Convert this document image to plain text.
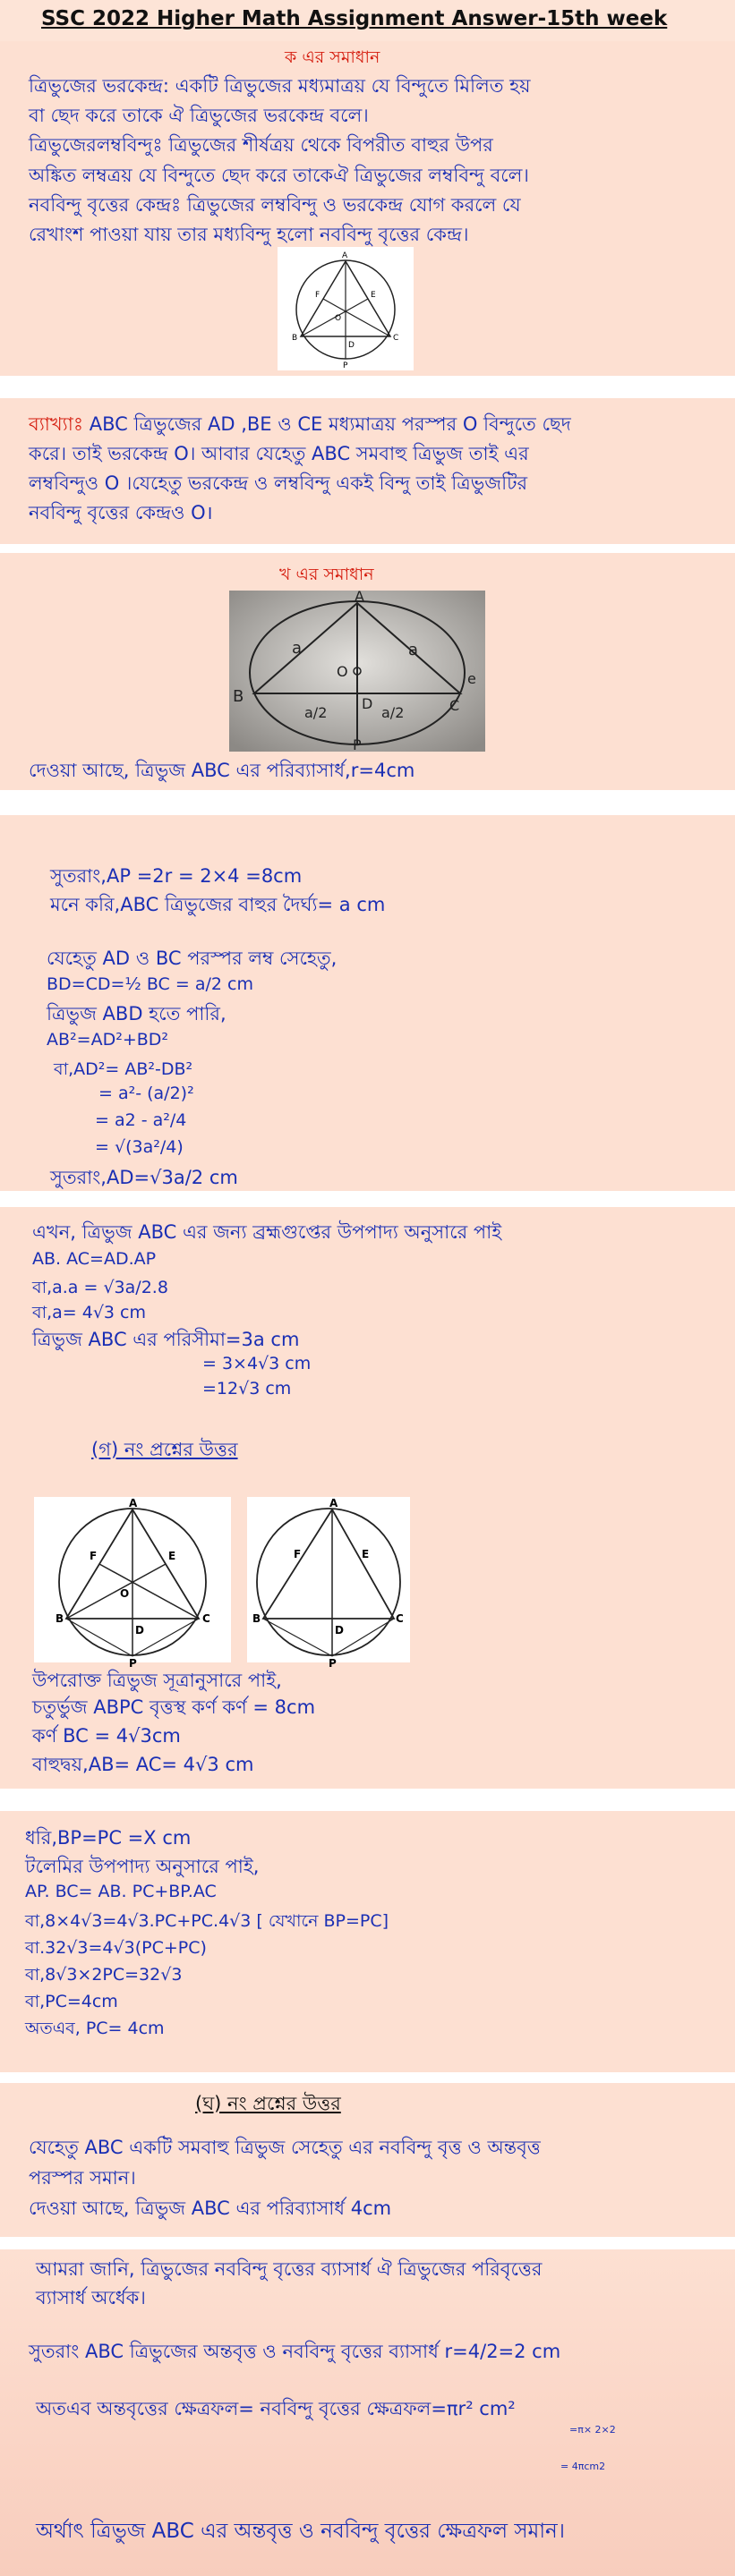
SSC 2022 Higher Math Assignment Answer-15th week
ক এর সমাধান
ত্রিভুজের ভরকেন্দ্র: একটি ত্রিভুজের মধ্যমাত্রয় যে বিন্দুতে মিলিত হয়
বা ছেদ করে তাকে ঐ ত্রিভুজের ভরকেন্দ্র বলে।
ত্রিভুজেরলম্ববিন্দুঃ ত্রিভুজের শীর্ষত্রয় থেকে বিপরীত বাহুর উপর
অঙ্কিত লম্বত্রয় যে বিন্দুতে ছেদ করে তাকেঐ ত্রিভুজের লম্ববিন্দু বলে।
নববিন্দু বৃত্তের কেন্দ্রঃ ত্রিভুজের লম্ববিন্দু ও ভরকেন্দ্র যোগ করলে যে
রেখাংশ পাওয়া যায় তার মধ্যবিন্দু হলো নববিন্দু বৃত্তের কেন্দ্র।
A
F	E
O
B
D
C
P
ব্যাখ্যাঃ ABC ত্রিভুজের AD ,BE ও CE মধ্যমাত্রয় পরস্পর O বিন্দুতে ছেদ
করে। তাই ভরকেন্দ্র O। আবার যেহেতু ABC সমবাহু ত্রিভুজ তাই এর
লম্ববিন্দুও O ।যেহেতু ভরকেন্দ্র ও লম্ববিন্দু একই বিন্দু তাই ত্রিভুজটির
নববিন্দু বৃত্তের কেন্দ্রও O।
খ এর সমাধান
A
a	a
O
B	C
a/2
D
a/2
e
P
দেওয়া আছে, ত্রিভুজ ABC এর পরিব্যাসার্ধ,r=4cm
সুতরাং,AP =2r = 2×4 =8cm
মনে করি,ABC ত্রিভুজের বাহুর দৈর্ঘ্য= a cm
যেহেতু AD ও BC পরস্পর লম্ব সেহেতু,
BD=CD=½ BC = a/2 cm
ত্রিভুজ ABD হতে পারি,
AB²=AD²+BD²
বা,AD²= AB²-DB²
= a²- (a/2)²
= a2 - a²/4
= √(3a²/4)
সুতরাং,AD=√3a/2 cm
এখন, ত্রিভুজ ABC এর জন্য ব্রহ্মগুপ্তের উপপাদ্য অনুসারে পাই
AB. AC=AD.AP
বা,a.a = √3a/2.8
বা,a= 4√3 cm
ত্রিভুজ ABC এর পরিসীমা=3a cm
= 3×4√3 cm
=12√3 cm
(গ) নং প্রশ্নের উত্তর
A
F	E
O
B
D
C
P
A
F	E
B
D
C
P
উপরোক্ত ত্রিভুজ সূত্রানুসারে পাই,
চতুর্ভুজ ABPC বৃত্তস্থ কর্ণ কর্ণ = 8cm
কর্ণ BC = 4√3cm
বাহুদ্বয়,AB= AC= 4√3 cm
ধরি,BP=PC =X cm
টলেমির উপপাদ্য অনুসারে পাই,
AP. BC= AB. PC+BP.AC
বা,8×4√3=4√3.PC+PC.4√3 [ যেখানে BP=PC]
বা.32√3=4√3(PC+PC)
বা,8√3×2PC=32√3
বা,PC=4cm
অতএব, PC= 4cm
(ঘ) নং প্রশ্নের উত্তর
যেহেতু ABC একটি সমবাহু ত্রিভুজ সেহেতু এর নববিন্দু বৃত্ত ও অন্তবৃত্ত
পরস্পর সমান।
দেওয়া আছে, ত্রিভুজ ABC এর পরিব্যাসার্ধ 4cm
আমরা জানি, ত্রিভুজের নববিন্দু বৃত্তের ব্যাসার্ধ ঐ ত্রিভুজের পরিবৃত্তের
ব্যাসার্ধ অর্ধেক।
সুতরাং ABC ত্রিভুজের অন্তবৃত্ত ও নববিন্দু বৃত্তের ব্যাসার্ধ r=4/2=2 cm
অতএব অন্তবৃত্তের ক্ষেত্রফল= নববিন্দু বৃত্তের ক্ষেত্রফল=πr² cm²
=π× 2×2
= 4πcm2
অর্থাৎ ত্রিভুজ ABC এর অন্তবৃত্ত ও নববিন্দু বৃত্তের ক্ষেত্রফল সমান।
